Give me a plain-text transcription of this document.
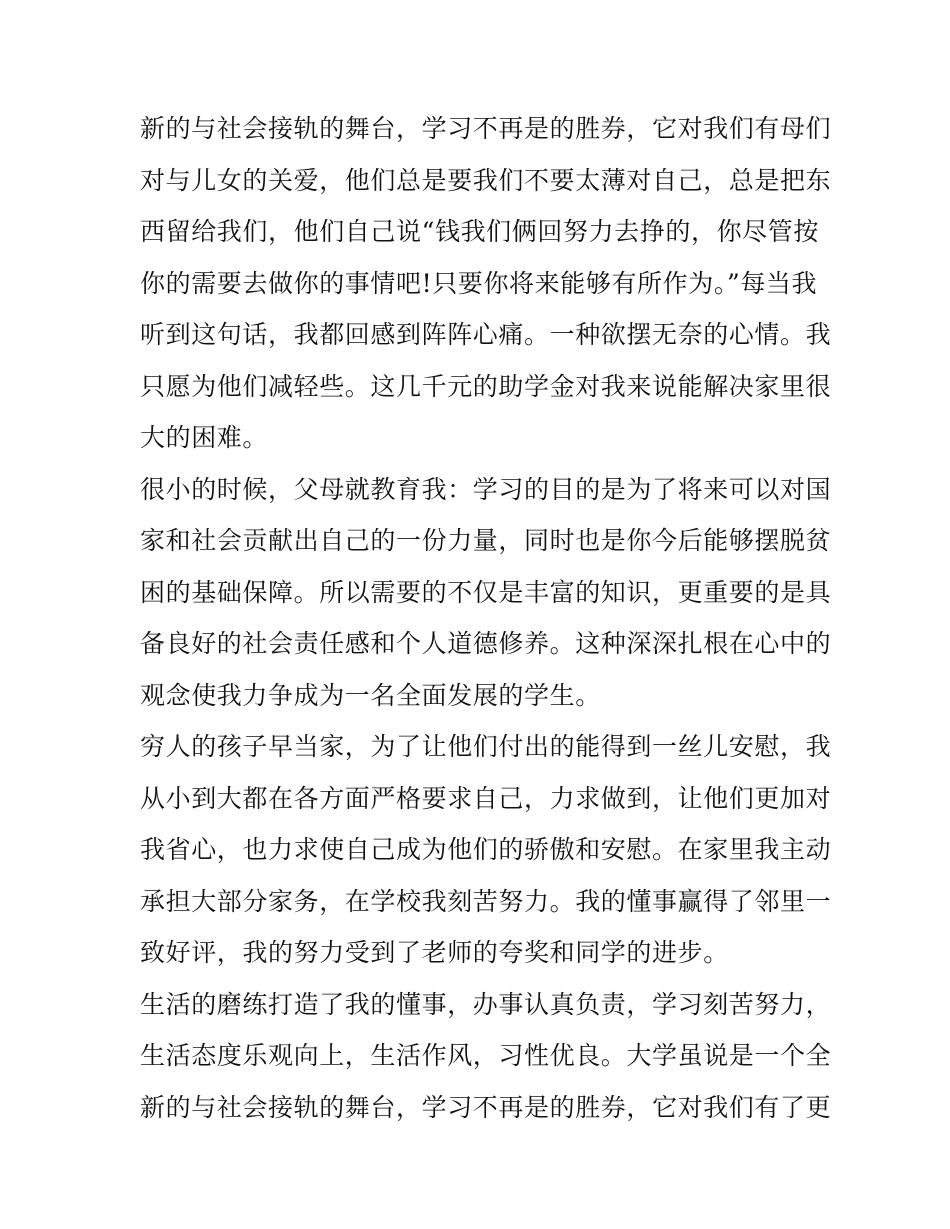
新的与社会接轨的舞台，学习不再是的胜券，它对我们有母们
对与儿女的关爱，他们总是要我们不要太薄对自己，总是把东
西留给我们，他们自己说“钱我们俩回努力去挣的，你尽管按
你的需要去做你的事情吧!只要你将来能够有所作为。”每当我
听到这句话，我都回感到阵阵心痛。一种欲摆无奈的心情。我
只愿为他们减轻些。这几千元的助学金对我来说能解决家里很
大的困难。
很小的时候，父母就教育我：学习的目的是为了将来可以对国
家和社会贡献出自己的一份力量，同时也是你今后能够摆脱贫
困的基础保障。所以需要的不仅是丰富的知识，更重要的是具
备良好的社会责任感和个人道德修养。这种深深扎根在心中的
观念使我力争成为一名全面发展的学生。
穷人的孩子早当家，为了让他们付出的能得到一丝儿安慰，我
从小到大都在各方面严格要求自己，力求做到，让他们更加对
我省心，也力求使自己成为他们的骄傲和安慰。在家里我主动
承担大部分家务，在学校我刻苦努力。我的懂事赢得了邻里一
致好评，我的努力受到了老师的夸奖和同学的进步。
生活的磨练打造了我的懂事，办事认真负责，学习刻苦努力，
生活态度乐观向上，生活作风，习性优良。大学虽说是一个全
新的与社会接轨的舞台，学习不再是的胜券，它对我们有了更
